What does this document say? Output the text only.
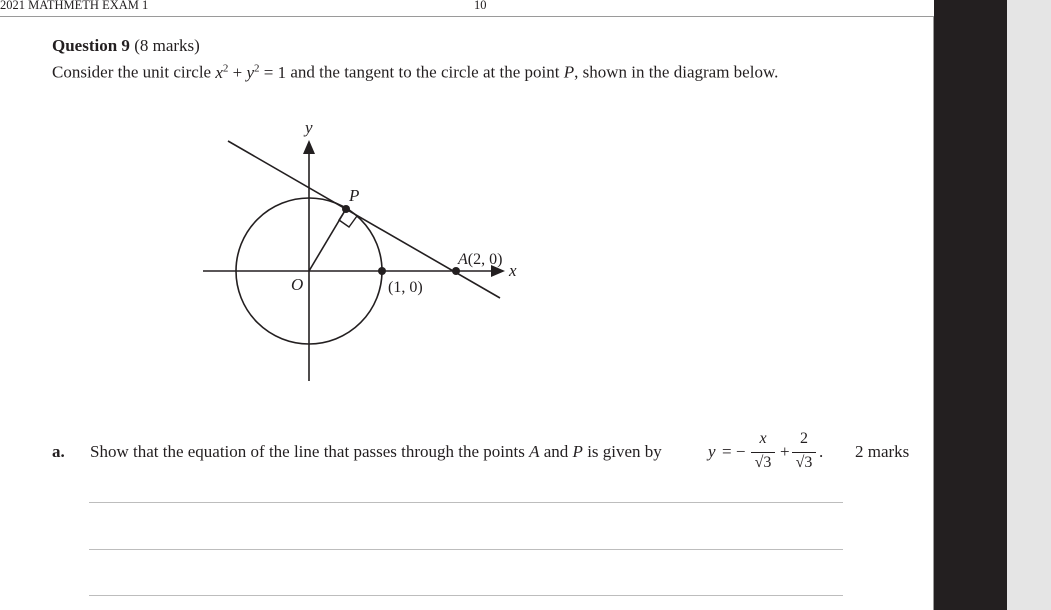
2021 MATHMETH EXAM 1	10
E IN THIS AREA
Question 9 (8 marks)
Consider the unit circle $x^2 + y^2 = 1$ and the tangent to the circle at the point P, shown in the diagram below.
y
x
O
P
A(2, 0)
(1, 0)
a. Show that the equation of the line that passes through the points A and P is given by	y = −
x
√3
+
2
√3
. 2 marks
